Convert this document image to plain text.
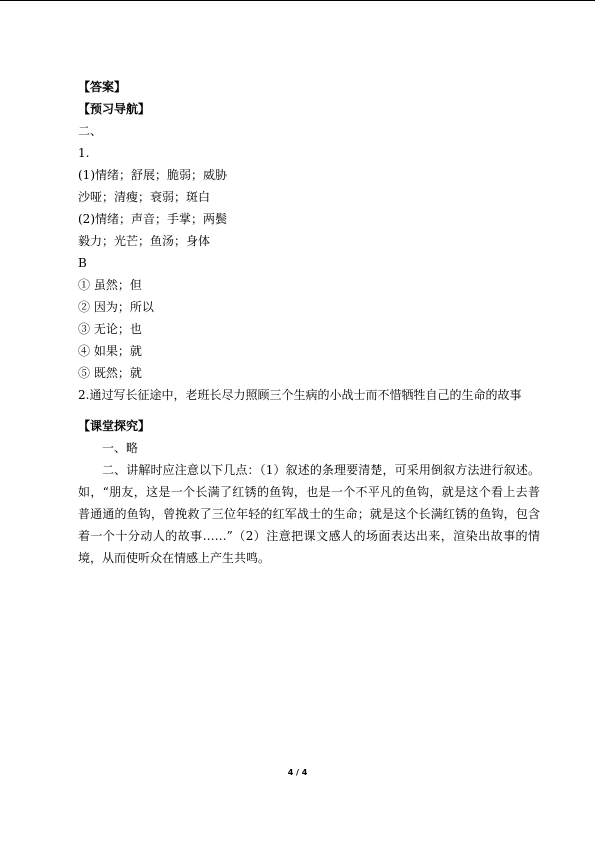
【答案】
【预习导航】
二、
1.
(1)情绪；舒展；脆弱；威胁
沙哑；清瘦；衰弱；斑白
(2)情绪；声音；手掌；两鬓
毅力；光芒；鱼汤；身体
B
① 虽然；但
② 因为；所以
③ 无论；也
④ 如果；就
⑤ 既然；就
2.通过写长征途中，老班长尽力照顾三个生病的小战士而不惜牺牲自己的生命的故事
【课堂探究】
一、略

二、讲解时应注意以下几点：（1）叙述的条理要清楚，可采用倒叙方法进行叙述。如，“朋友，这是一个长满了红锈的鱼钩，也是一个不平凡的鱼钩，就是这个看上去普普通通的鱼钩，曾挽救了三位年轻的红军战士的生命；就是这个长满红锈的鱼钩，包含着一个十分动人的故事……”（2）注意把课文感人的场面表达出来，渲染出故事的情境，从而使听众在情感上产生共鸣。

4 / 4
